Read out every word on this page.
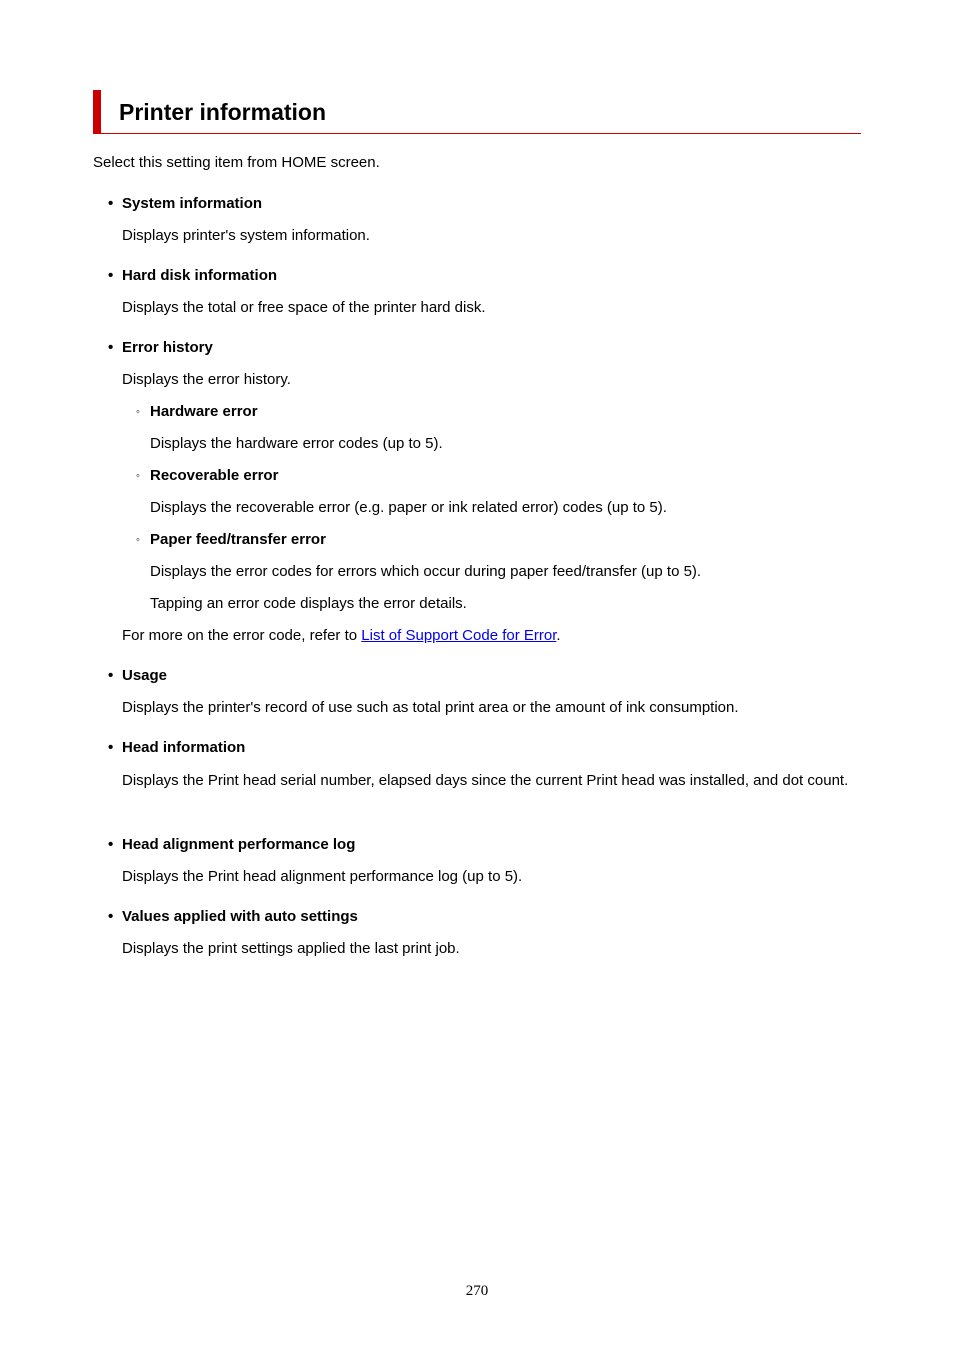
Printer information
Select this setting item from HOME screen.
• System information
Displays printer's system information.
• Hard disk information
Displays the total or free space of the printer hard disk.
• Error history
Displays the error history.
◦ Hardware error
Displays the hardware error codes (up to 5).
◦ Recoverable error
Displays the recoverable error (e.g. paper or ink related error) codes (up to 5).
◦ Paper feed/transfer error
Displays the error codes for errors which occur during paper feed/transfer (up to 5).
Tapping an error code displays the error details.
For more on the error code, refer to List of Support Code for Error.
• Usage
Displays the printer's record of use such as total print area or the amount of ink consumption.
• Head information
Displays the Print head serial number, elapsed days since the current Print head was installed, and dot count.
• Head alignment performance log
Displays the Print head alignment performance log (up to 5).
• Values applied with auto settings
Displays the print settings applied the last print job.
270
